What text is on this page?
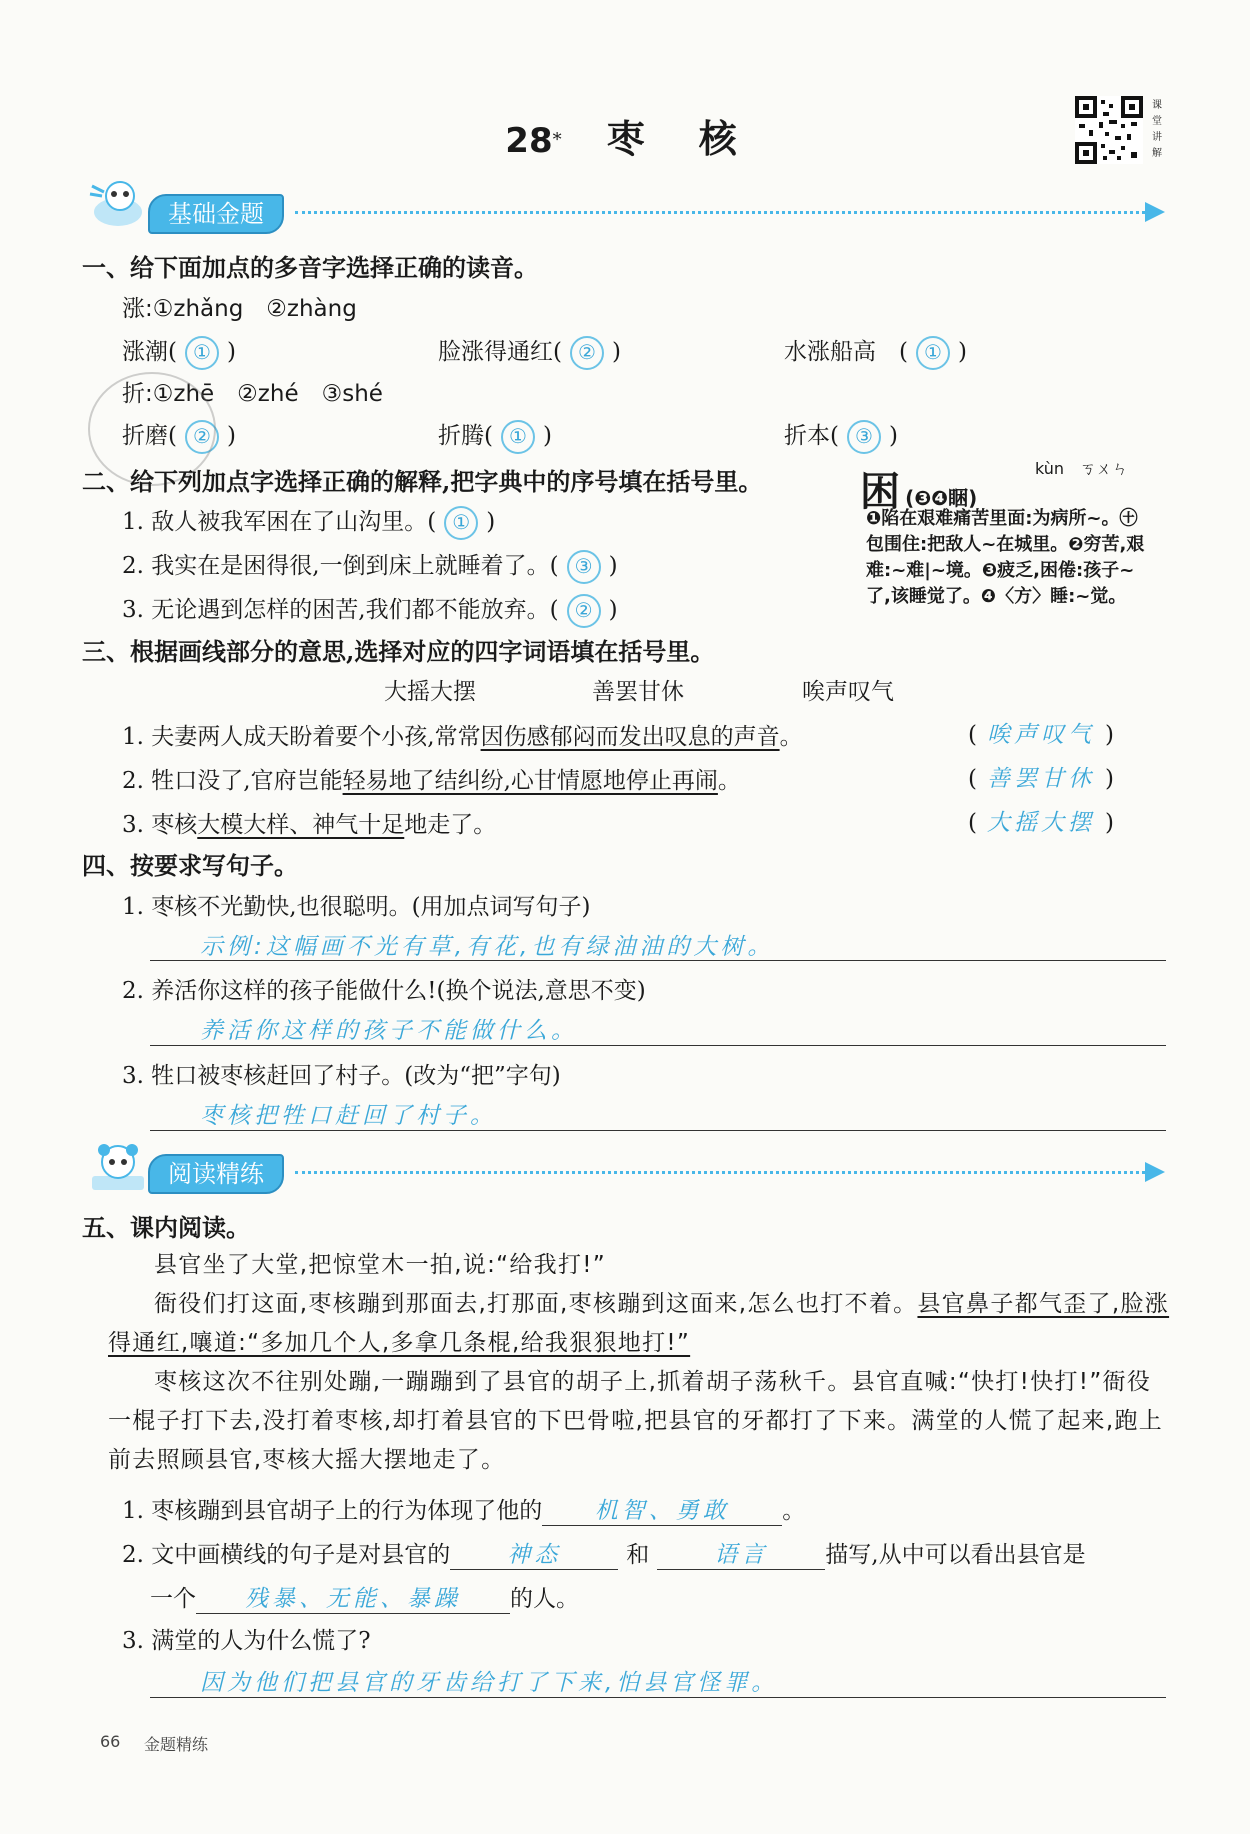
28* 枣　核
课堂讲解
基础金题
一、给下面加点的多音字选择正确的读音。
涨:①zhǎng　②zhàng
涨潮( ① )	脸涨得通红( ② )	水涨船高　( ① )
折:①zhē　②zhé　③shé
折磨( ② )	折腾( ① )	折本( ③ )
二、给下列加点字选择正确的解释,把字典中的序号填在括号里。
1. 敌人被我军困在了山沟里。( ① )
2. 我实在是困得很,一倒到床上就睡着了。( ③ )
3. 无论遇到怎样的困苦,我们都不能放弃。( ② )
困 (❸❹睏)
kùn　ㄎㄨㄣ
❶陷在艰难痛苦里面:为病所~。㊉包围住:把敌人~在城里。❷穷苦,艰难:~难|~境。❸疲乏,困倦:孩子~了,该睡觉了。❹〈方〉睡:~觉。
三、根据画线部分的意思,选择对应的四字词语填在括号里。
大摇大摆	善罢甘休	唉声叹气
1. 夫妻两人成天盼着要个小孩,常常因伤感郁闷而发出叹息的声音。	( 唉声叹气 )
2. 牲口没了,官府岂能轻易地了结纠纷,心甘情愿地停止再闹。	( 善罢甘休 )
3. 枣核大模大样、神气十足地走了。	( 大摇大摆 )
四、按要求写句子。
1. 枣核不光勤快,也很聪明。(用加点词写句子)
示例:这幅画不光有草,有花,也有绿油油的大树。
2. 养活你这样的孩子能做什么!(换个说法,意思不变)
养活你这样的孩子不能做什么。
3. 牲口被枣核赶回了村子。(改为“把”字句)
枣核把牲口赶回了村子。
阅读精练
五、课内阅读。
县官坐了大堂,把惊堂木一拍,说:“给我打!”
衙役们打这面,枣核蹦到那面去,打那面,枣核蹦到这面来,怎么也打不着。县官鼻子都气歪了,脸涨得通红,嚷道:“多加几个人,多拿几条棍,给我狠狠地打!”
枣核这次不往别处蹦,一蹦蹦到了县官的胡子上,抓着胡子荡秋千。县官直喊:“快打!快打!”衙役一棍子打下去,没打着枣核,却打着县官的下巴骨啦,把县官的牙都打了下来。满堂的人慌了起来,跑上前去照顾县官,枣核大摇大摆地走了。
1. 枣核蹦到县官胡子上的行为体现了他的 机智、勇敢 。
2. 文中画横线的句子是对县官的 神态	和	语言 描写,从中可以看出县官是
一个 残暴、无能、暴躁 的人。
3. 满堂的人为什么慌了?
因为他们把县官的牙齿给打了下来,怕县官怪罪。
66 金题精练
